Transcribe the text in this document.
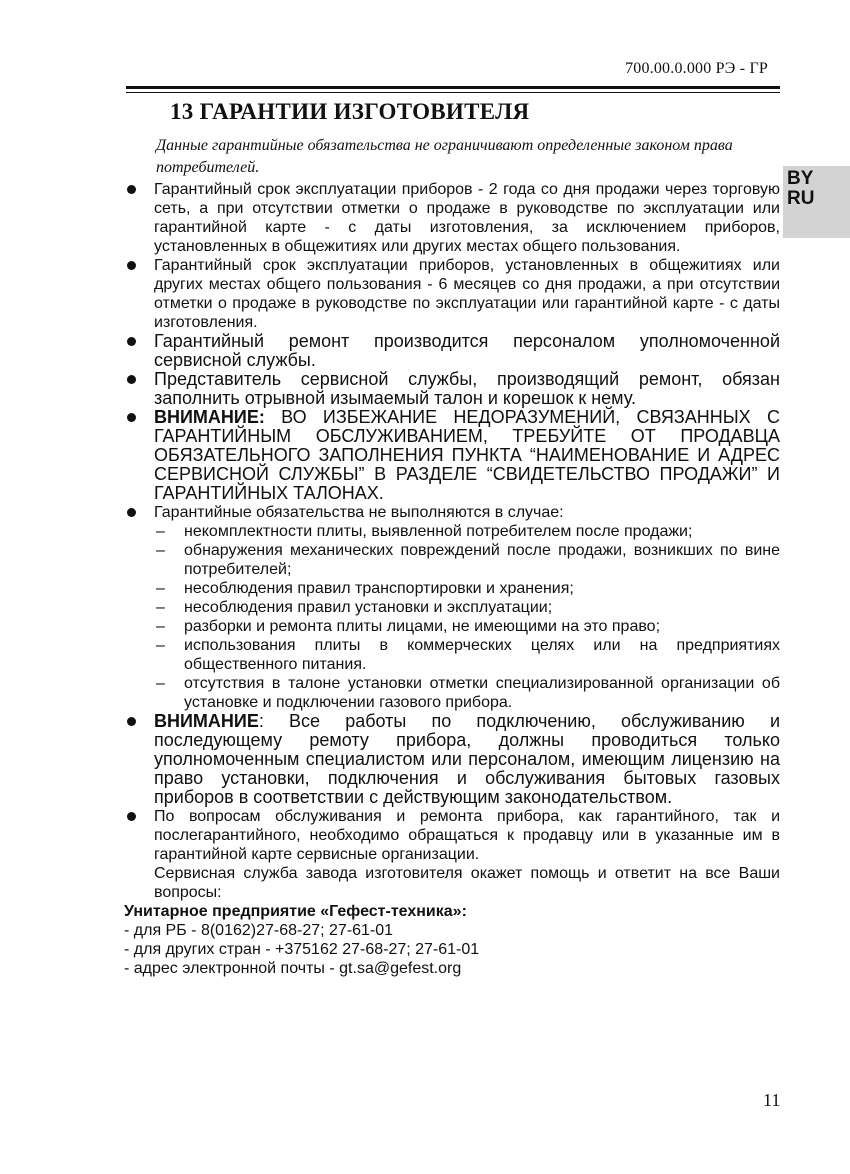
700.00.0.000 РЭ - ГР
BY
RU
13 ГАРАНТИИ ИЗГОТОВИТЕЛЯ
Данные гарантийные обязательства не ограничивают определенные законом права потребителей.
Гарантийный срок эксплуатации приборов - 2 года со дня продажи через торговую сеть, а при отсутствии отметки о продаже в руководстве по эксплуатации или гарантийной карте - с даты изготовления, за исключением приборов, установленных в общежитиях или других местах общего пользования.
Гарантийный срок эксплуатации приборов, установленных в общежитиях или других местах общего пользования - 6 месяцев со дня продажи, а при отсутствии отметки о продаже в руководстве по эксплуатации или гарантийной карте - с даты изготовления.
Гарантийный ремонт производится персоналом уполномоченной сервисной службы.
Представитель сервисной службы, производящий ремонт, обязан заполнить отрывной изымаемый талон и корешок к нему.
ВНИМАНИЕ: ВО ИЗБЕЖАНИЕ НЕДОРАЗУМЕНИЙ, СВЯЗАННЫХ С ГАРАНТИЙНЫМ ОБСЛУЖИВАНИЕМ, ТРЕБУЙТЕ ОТ ПРОДАВЦА ОБЯЗАТЕЛЬНОГО ЗАПОЛНЕНИЯ ПУНКТА “НАИМЕНОВАНИЕ И АДРЕС СЕРВИСНОЙ СЛУЖБЫ” В РАЗДЕЛЕ “СВИДЕТЕЛЬСТВО ПРОДАЖИ” И ГАРАНТИЙНЫХ ТАЛОНАХ.
Гарантийные обязательства не выполняются в случае:
– некомплектности плиты, выявленной потребителем после продажи;
– обнаружения механических повреждений после продажи, возникших по вине потребителей;
– несоблюдения правил транспортировки и хранения;
– несоблюдения правил установки и эксплуатации;
– разборки и ремонта плиты лицами, не имеющими на это право;
– использования плиты в коммерческих целях или на предприятиях общественного питания.
– отсутствия в талоне установки отметки специализированной организации об установке и подключении газового прибора.
ВНИМАНИЕ: Все работы по подключению, обслуживанию и последующему ремоту прибора, должны проводиться только уполномоченным специалистом или персоналом, имеющим лицензию на право установки, подключения и обслуживания бытовых газовых приборов в соответствии с действующим законодательством.
По вопросам обслуживания и ремонта прибора, как гарантийного, так и послегарантийного, необходимо обращаться к продавцу или в указанные им в гарантийной карте сервисные организации.
Сервисная служба завода изготовителя окажет помощь и ответит на все Ваши вопросы:
Унитарное предприятие «Гефест-техника»:
- для РБ - 8(0162)27-68-27; 27-61-01
- для других стран - +375162 27-68-27; 27-61-01
- адрес электронной почты - gt.sa@gefest.org
11
